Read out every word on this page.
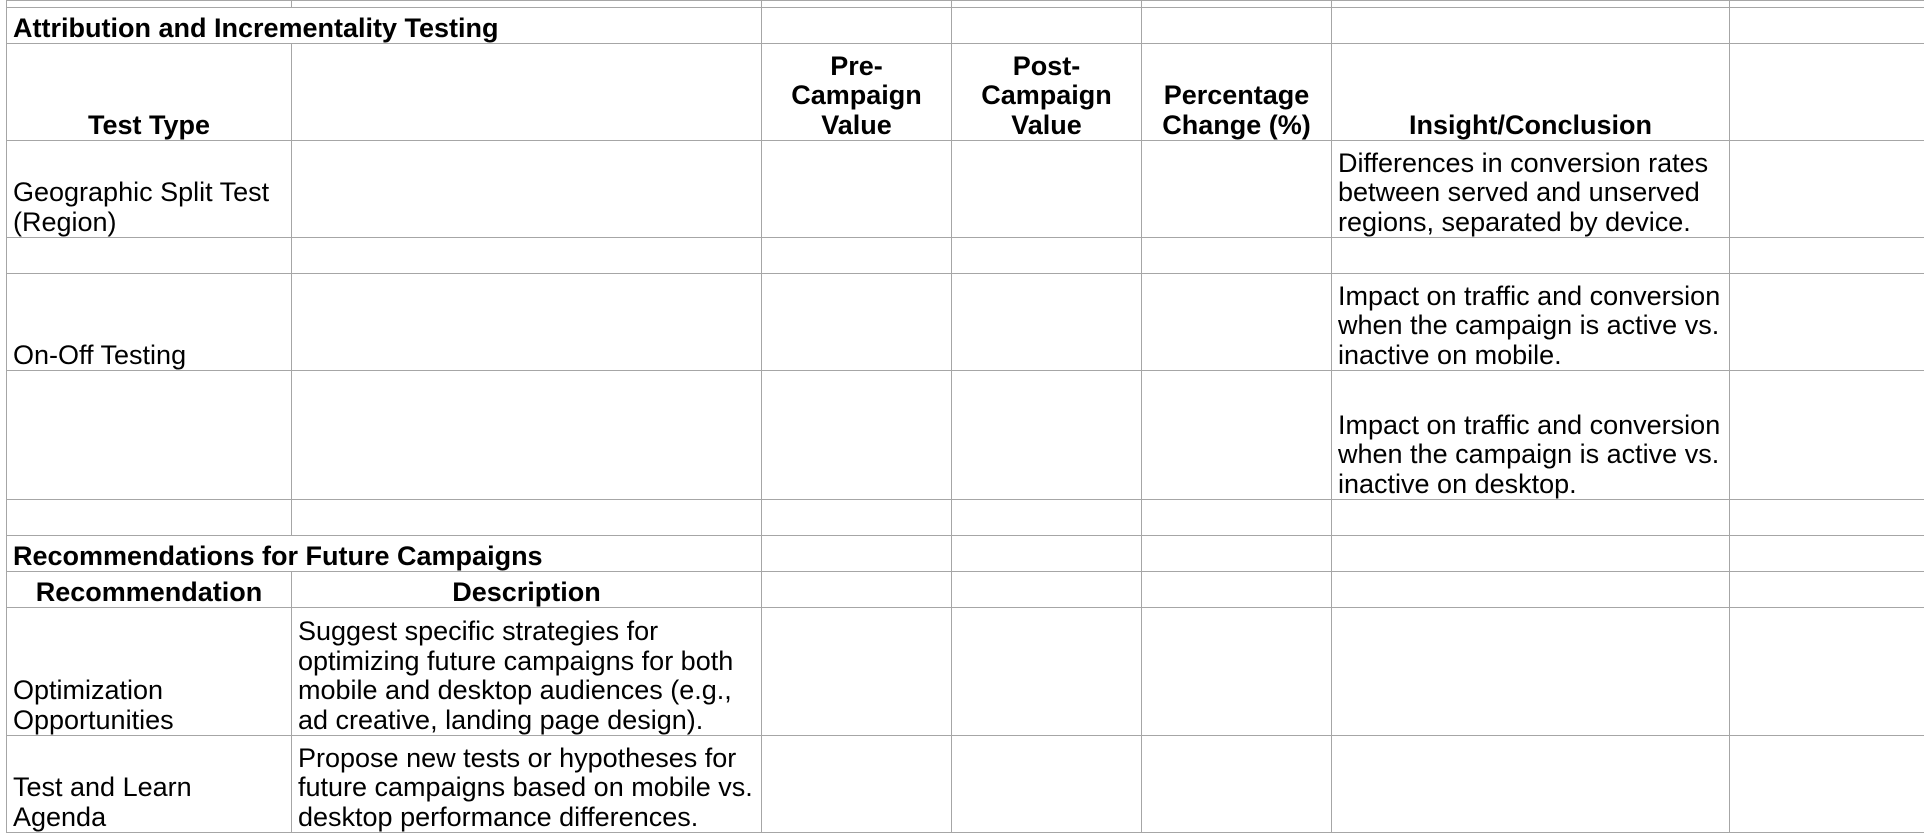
Attribution and Incrementality Testing						
Test Type		Pre-Campaign Value	Post-Campaign Value	Percentage Change (%)	Insight/Conclusion	
Geographic Split Test (Region)					Differences in conversion rates between served and unserved regions, separated by device.	

On-Off Testing					Impact on traffic and conversion when the campaign is active vs. inactive on mobile.	
					Impact on traffic and conversion when the campaign is active vs. inactive on desktop.	

Recommendations for Future Campaigns						
Recommendation	Description					
Optimization Opportunities	Suggest specific strategies for optimizing future campaigns for both mobile and desktop audiences (e.g., ad creative, landing page design).					
Test and Learn Agenda	Propose new tests or hypotheses for future campaigns based on mobile vs. desktop performance differences.					
